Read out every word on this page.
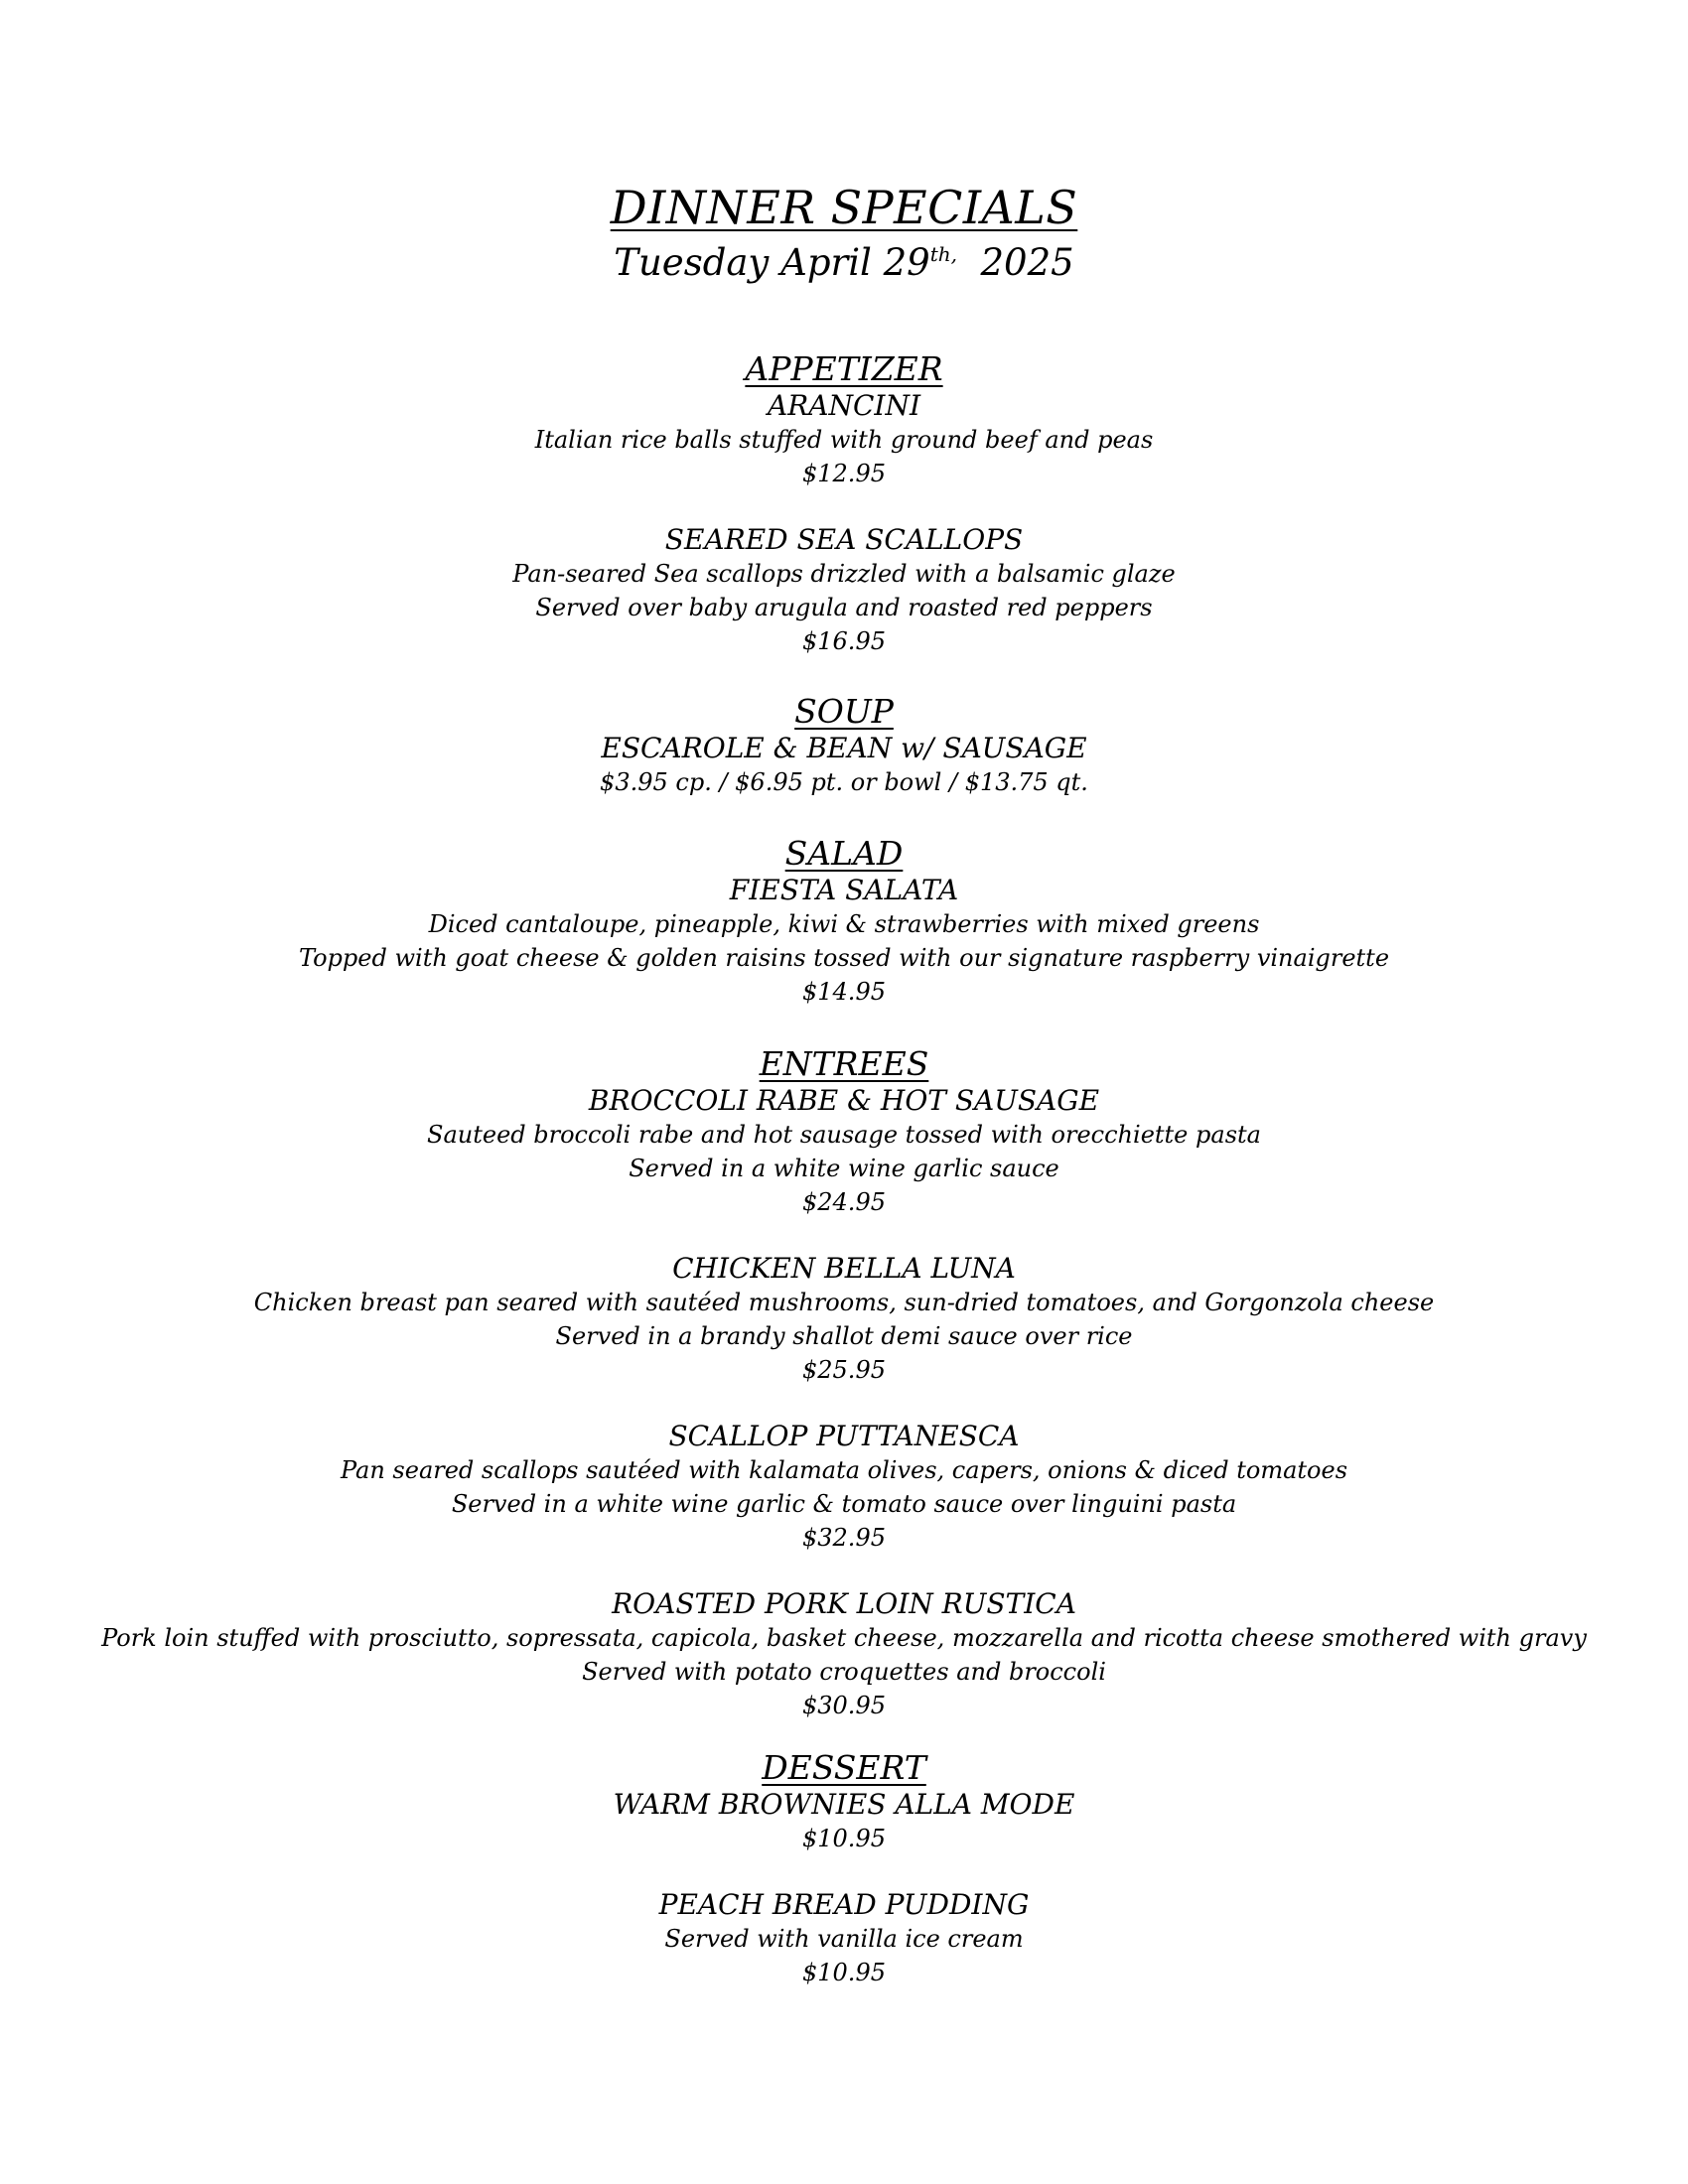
DINNER SPECIALS
Tuesday April $29^{th,}$ 2025
APPETIZER
ARANCINI
Italian rice balls stuffed with ground beef and peas
$12.95
SEARED SEA SCALLOPS
Pan-seared Sea scallops drizzled with a balsamic glaze
Served over baby arugula and roasted red peppers
$16.95
SOUP
ESCAROLE & BEAN w/ SAUSAGE
$3.95 cp. / $6.95 pt. or bowl / $13.75 qt.
SALAD
FIESTA SALATA
Diced cantaloupe, pineapple, kiwi & strawberries with mixed greens
Topped with goat cheese & golden raisins tossed with our signature raspberry vinaigrette
$14.95
ENTREES
BROCCOLI RABE & HOT SAUSAGE
Sauteed broccoli rabe and hot sausage tossed with orecchiette pasta
Served in a white wine garlic sauce
$24.95
CHICKEN BELLA LUNA
Chicken breast pan seared with sautéed mushrooms, sun-dried tomatoes, and Gorgonzola cheese
Served in a brandy shallot demi sauce over rice
$25.95
SCALLOP PUTTANESCA
Pan seared scallops sautéed with kalamata olives, capers, onions & diced tomatoes
Served in a white wine garlic & tomato sauce over linguini pasta
$32.95
ROASTED PORK LOIN RUSTICA
Pork loin stuffed with prosciutto, sopressata, capicola, basket cheese, mozzarella and ricotta cheese smothered with gravy
Served with potato croquettes and broccoli
$30.95
DESSERT
WARM BROWNIES ALLA MODE
$10.95
PEACH BREAD PUDDING
Served with vanilla ice cream
$10.95
